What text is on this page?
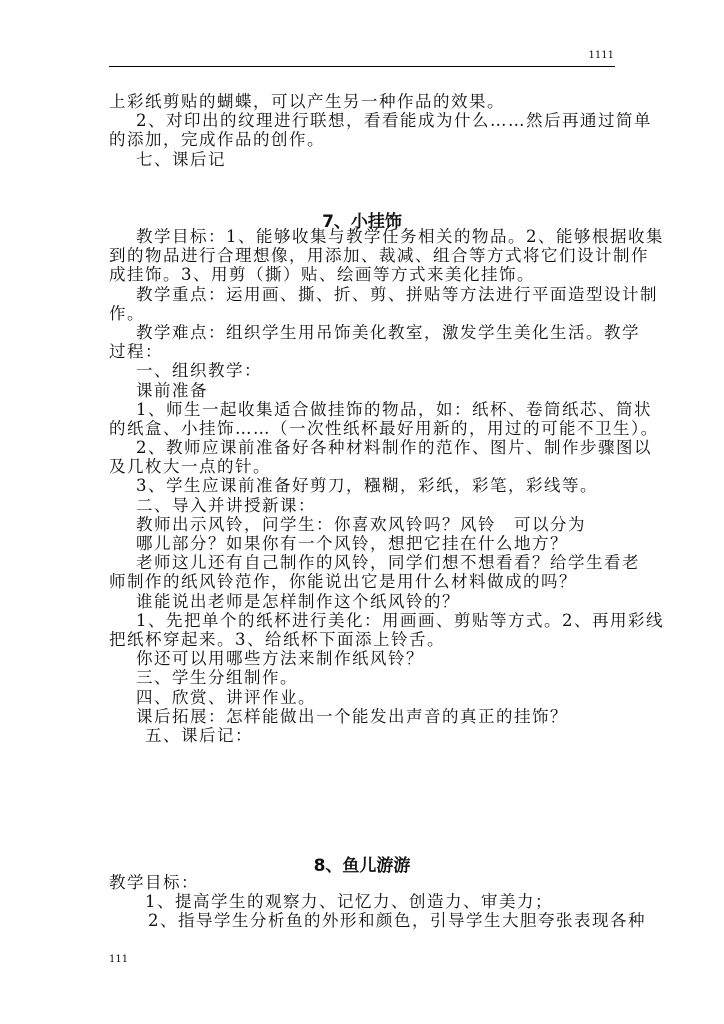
1111
上彩纸剪贴的蝴蝶，可以产生另一种作品的效果。
2、对印出的纹理进行联想，看看能成为什么……然后再通过简单
的添加，完成作品的创作。
七、课后记
7、小挂饰
教学目标：1、能够收集与教学任务相关的物品。2、能够根据收集
到的物品进行合理想像，用添加、裁减、组合等方式将它们设计制作
成挂饰。3、用剪（撕）贴、绘画等方式来美化挂饰。
教学重点：运用画、撕、折、剪、拼贴等方法进行平面造型设计制
作。
教学难点：组织学生用吊饰美化教室，激发学生美化生活。教学
过程：
一、组织教学：
课前准备
1、师生一起收集适合做挂饰的物品，如：纸杯、卷筒纸芯、筒状
的纸盒、小挂饰……（一次性纸杯最好用新的，用过的可能不卫生）。
2、教师应课前准备好各种材料制作的范作、图片、制作步骤图以
及几枚大一点的针。
3、学生应课前准备好剪刀，糨糊，彩纸，彩笔，彩线等。
二、导入并讲授新课：
教师出示风铃，问学生：你喜欢风铃吗？风铃　可以分为
哪儿部分？如果你有一个风铃，想把它挂在什么地方？
老师这儿还有自己制作的风铃，同学们想不想看看？给学生看老
师制作的纸风铃范作，你能说出它是用什么材料做成的吗？
谁能说出老师是怎样制作这个纸风铃的？
1、先把单个的纸杯进行美化：用画画、剪贴等方式。2、再用彩线
把纸杯穿起来。3、给纸杯下面添上铃舌。
你还可以用哪些方法来制作纸风铃？
三、学生分组制作。
四、欣赏、讲评作业。
课后拓展：怎样能做出一个能发出声音的真正的挂饰？
五、课后记：
8、鱼儿游游
教学目标：
1、提高学生的观察力、记忆力、创造力、审美力；
2、指导学生分析鱼的外形和颜色，引导学生大胆夸张表现各种
111
